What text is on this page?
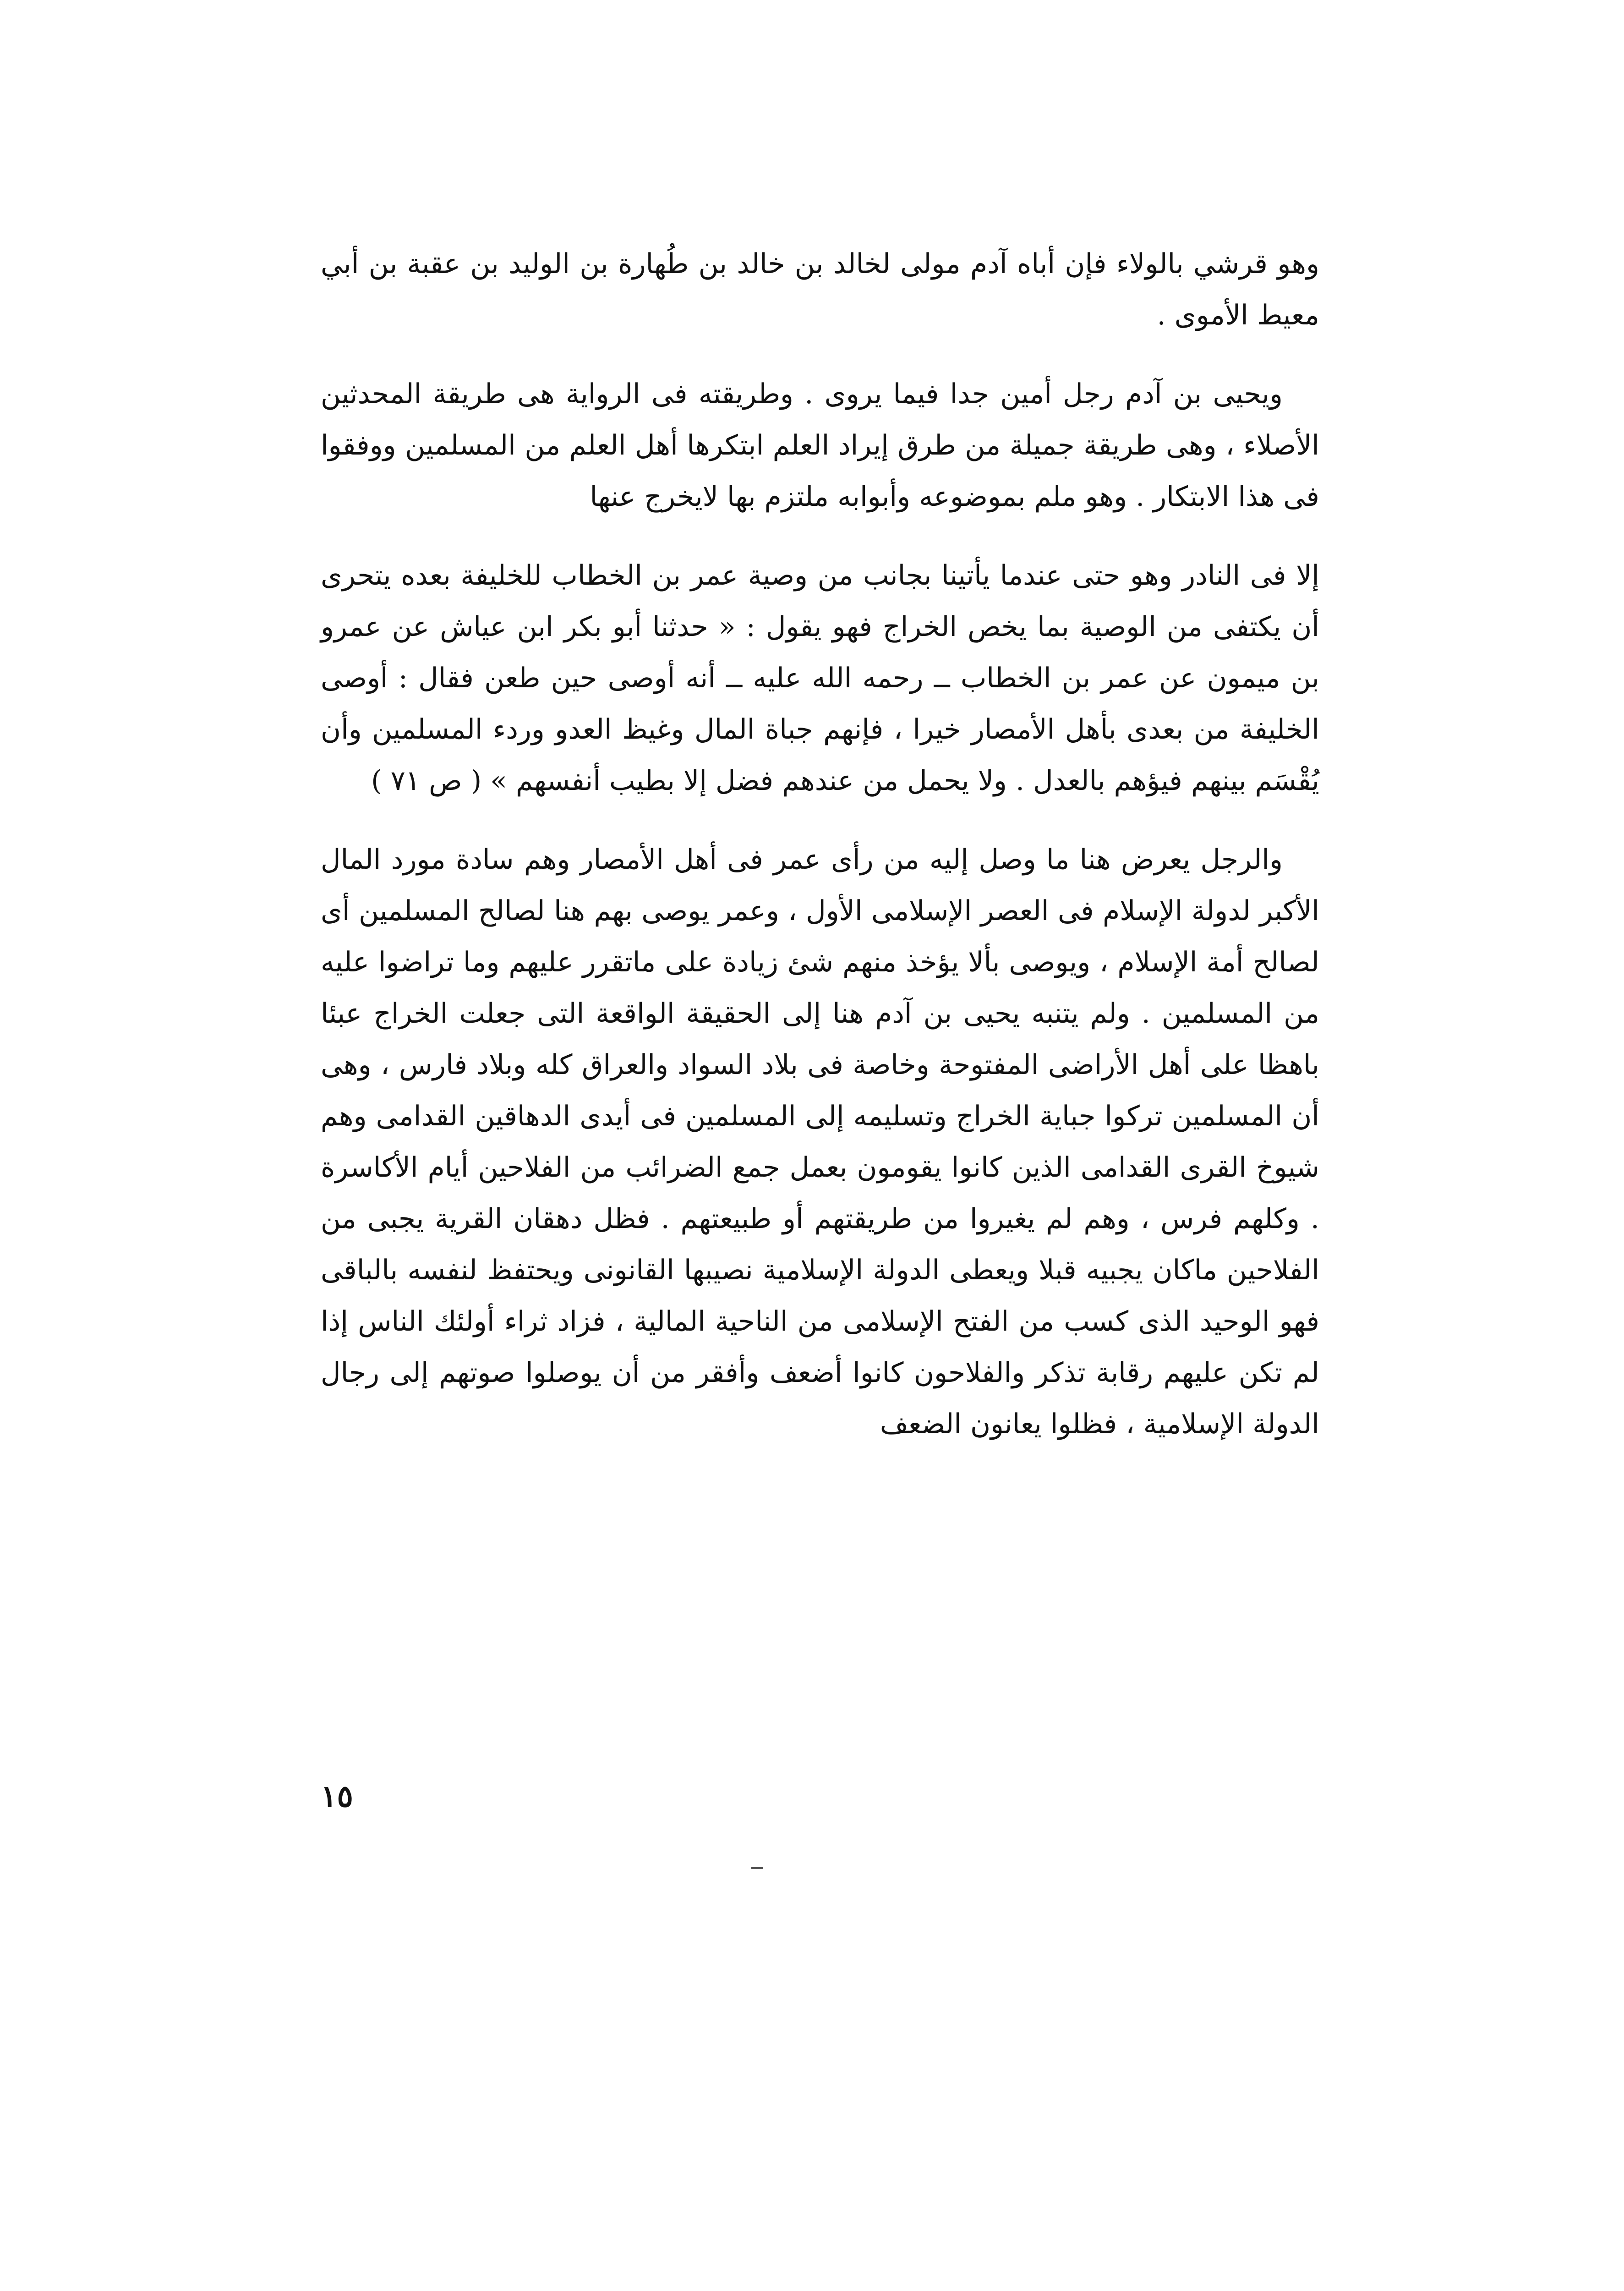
وهو قرشي بالولاء فإن أباه آدم مولى لخالد بن خالد بن طُهارة بن الوليد بن عقبة بن أبي معيط الأموى .

ويحيى بن آدم رجل أمين جدا فيما يروى . وطريقته فى الرواية هى طريقة المحدثين الأصلاء ، وهى طريقة جميلة من طرق إيراد العلم ابتكرها أهل العلم من المسلمين ووفقوا فى هذا الابتكار . وهو ملم بموضوعه وأبوابه ملتزم بها لايخرج عنها

إلا فى النادر وهو حتى عندما يأتينا بجانب من وصية عمر بن الخطاب للخليفة بعده يتحرى أن يكتفى من الوصية بما يخص الخراج فهو يقول : « حدثنا أبو بكر ابن عياش عن عمرو بن ميمون عن عمر بن الخطاب ــ رحمه الله عليه ــ أنه أوصى حين طعن فقال : أوصى الخليفة من بعدى بأهل الأمصار خيرا ، فإنهم جباة المال وغيظ العدو وردء المسلمين وأن يُقْسَم بينهم فيؤهم بالعدل . ولا يحمل من عندهم فضل إلا بطيب أنفسهم » ( ص ٧١ )

والرجل يعرض هنا ما وصل إليه من رأى عمر فى أهل الأمصار وهم سادة مورد المال الأكبر لدولة الإسلام فى العصر الإسلامى الأول ، وعمر يوصى بهم هنا لصالح المسلمين أى لصالح أمة الإسلام ، ويوصى بألا يؤخذ منهم شئ زيادة على ماتقرر عليهم وما تراضوا عليه من المسلمين . ولم يتنبه يحيى بن آدم هنا إلى الحقيقة الواقعة التى جعلت الخراج عبئا باهظا على أهل الأراضى المفتوحة وخاصة فى بلاد السواد والعراق كله وبلاد فارس ، وهى أن المسلمين تركوا جباية الخراج وتسليمه إلى المسلمين فى أيدى الدهاقين القدامى وهم شيوخ القرى القدامى الذين كانوا يقومون بعمل جمع الضرائب من الفلاحين أيام الأكاسرة . وكلهم فرس ، وهم لم يغيروا من طريقتهم أو طبيعتهم . فظل دهقان القرية يجبى من الفلاحين ماكان يجبيه قبلا ويعطى الدولة الإسلامية نصيبها القانونى ويحتفظ لنفسه بالباقى فهو الوحيد الذى كسب من الفتح الإسلامى من الناحية المالية ، فزاد ثراء أولئك الناس إذا لم تكن عليهم رقابة تذكر والفلاحون كانوا أضعف وأفقر من أن يوصلوا صوتهم إلى رجال الدولة الإسلامية ، فظلوا يعانون الضعف

١٥
